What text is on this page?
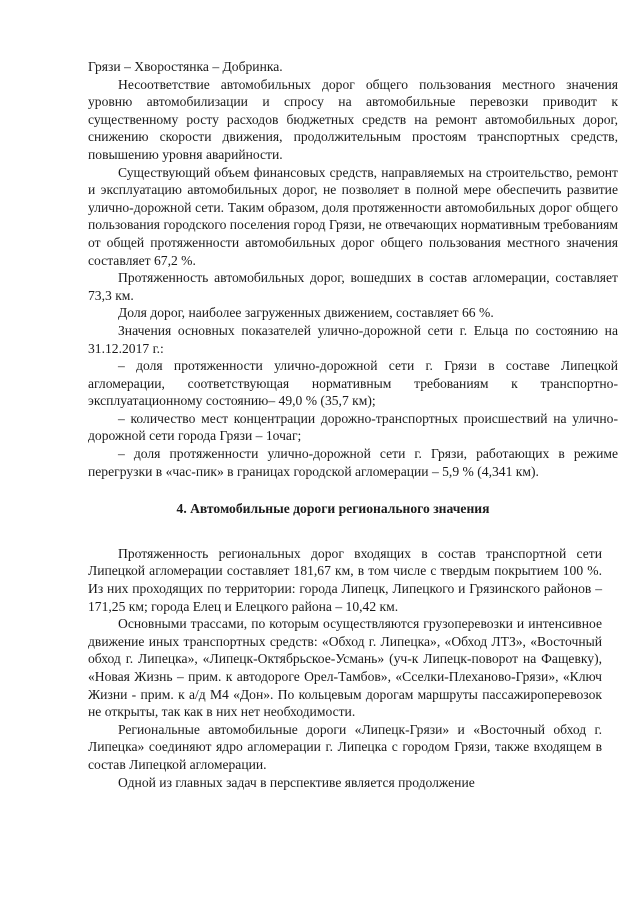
Грязи – Хворостянка – Добринка.

Несоответствие автомобильных дорог общего пользования местного значения уровню автомобилизации и спросу на автомобильные перевозки приводит к существенному росту расходов бюджетных средств на ремонт автомобильных дорог, снижению скорости движения, продолжительным простоям транспортных средств, повышению уровня аварийности.

Существующий объем финансовых средств, направляемых на строительство, ремонт и эксплуатацию автомобильных дорог, не позволяет в полной мере обеспечить развитие улично-дорожной сети. Таким образом, доля протяженности автомобильных дорог общего пользования городского поселения город Грязи, не отвечающих нормативным требованиям от общей протяженности автомобильных дорог общего пользования местного значения составляет 67,2 %.

Протяженность автомобильных дорог, вошедших в состав агломерации, составляет 73,3 км.

Доля дорог, наиболее загруженных движением, составляет 66 %.

Значения основных показателей улично-дорожной сети г. Ельца по состоянию на 31.12.2017 г.:

– доля протяженности улично-дорожной сети г. Грязи в составе Липецкой агломерации, соответствующая нормативным требованиям к транспортно-эксплуатационному состоянию– 49,0 % (35,7 км);

– количество мест концентрации дорожно-транспортных происшествий на улично-дорожной сети города Грязи – 1очаг;

– доля протяженности улично-дорожной сети г. Грязи, работающих в режиме перегрузки в «час-пик» в границах городской агломерации – 5,9 % (4,341 км).

4. Автомобильные дороги регионального значения

Протяженность региональных дорог входящих в состав транспортной сети Липецкой агломерации составляет 181,67 км, в том числе с твердым покрытием 100 %. Из них проходящих по территории: города Липецк, Липецкого и Грязинского районов – 171,25 км; города Елец и Елецкого района – 10,42 км.

Основными трассами, по которым осуществляются грузоперевозки и интенсивное движение иных транспортных средств: «Обход г. Липецка», «Обход ЛТЗ», «Восточный обход г. Липецка», «Липецк-Октябрьское-Усмань» (уч-к Липецк-поворот на Фащевку), «Новая Жизнь – прим. к автодороге Орел-Тамбов», «Сселки-Плеханово-Грязи», «Ключ Жизни - прим. к а/д М4 «Дон». По кольцевым дорогам маршруты пассажироперевозок не открыты, так как в них нет необходимости.

Региональные автомобильные дороги «Липецк-Грязи» и «Восточный обход г. Липецка» соединяют ядро агломерации г. Липецка с городом Грязи, также входящем в состав Липецкой агломерации.

Одной из главных задач в перспективе является продолжение
